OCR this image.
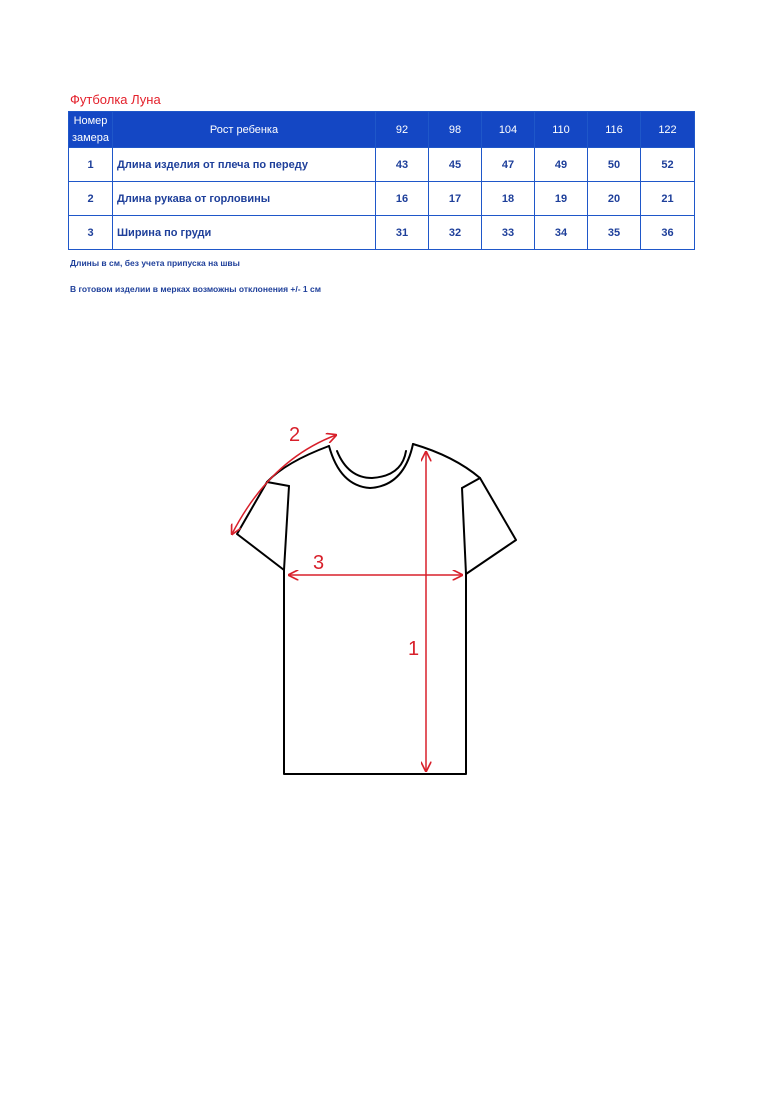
Футболка Луна
Номер замера	Рост ребенка	92	98	104	110	116	122
1	Длина изделия от плеча по переду	43	45	47	49	50	52
2	Длина рукава от горловины	16	17	18	19	20	21
3	Ширина по груди	31	32	33	34	35	36
Длины в см, без учета припуска на швы
В готовом изделии в мерках возможны отклонения +/- 1 см
1
2
3
